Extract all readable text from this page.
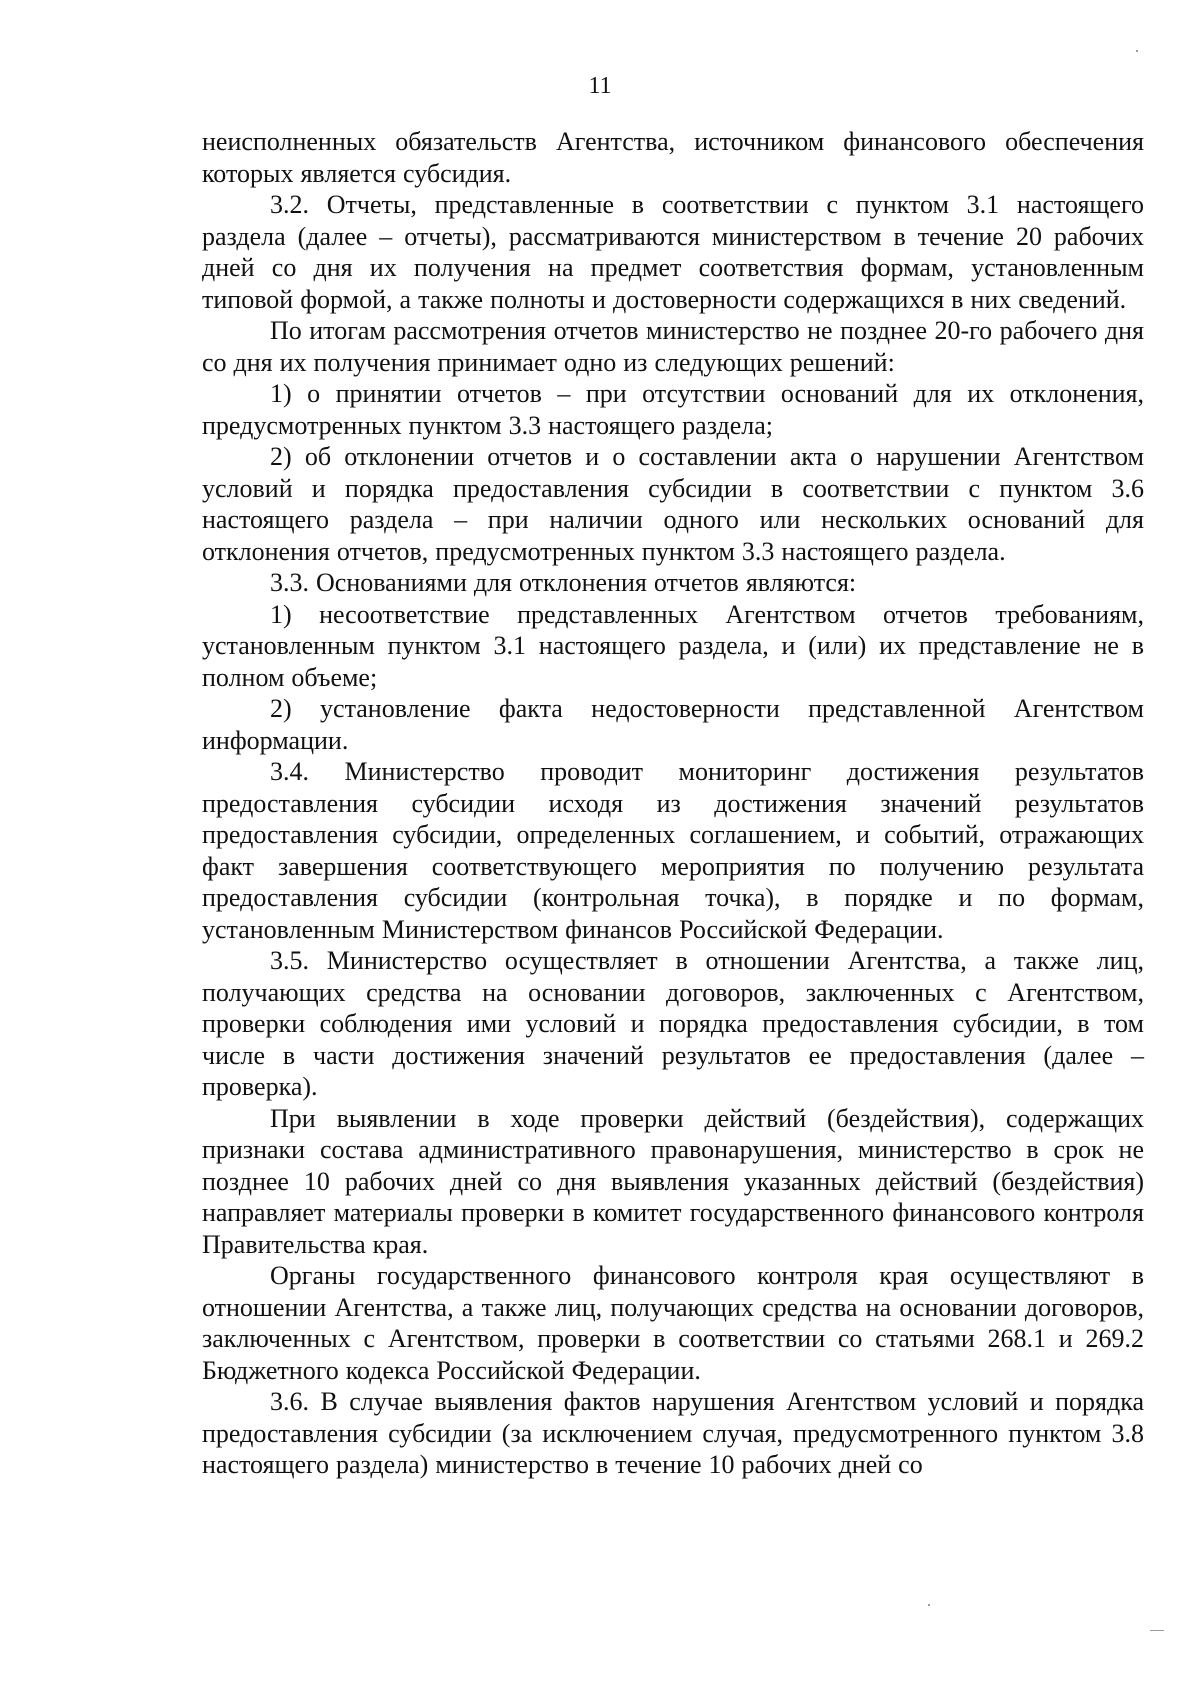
11

неисполненных обязательств Агентства, источником финансового обеспечения которых является субсидия.

3.2. Отчеты, представленные в соответствии с пунктом 3.1 настоящего раздела (далее – отчеты), рассматриваются министерством в течение 20 рабочих дней со дня их получения на предмет соответствия формам, установленным типовой формой, а также полноты и достоверности содержащихся в них сведений.

По итогам рассмотрения отчетов министерство не позднее 20-го рабочего дня со дня их получения принимает одно из следующих решений:

1) о принятии отчетов – при отсутствии оснований для их отклонения, предусмотренных пунктом 3.3 настоящего раздела;

2) об отклонении отчетов и о составлении акта о нарушении Агентством условий и порядка предоставления субсидии в соответствии с пунктом 3.6 настоящего раздела – при наличии одного или нескольких оснований для отклонения отчетов, предусмотренных пунктом 3.3 настоящего раздела.

3.3. Основаниями для отклонения отчетов являются:

1) несоответствие представленных Агентством отчетов требованиям, установленным пунктом 3.1 настоящего раздела, и (или) их представление не в полном объеме;

2) установление факта недостоверности представленной Агентством информации.

3.4. Министерство проводит мониторинг достижения результатов предоставления субсидии исходя из достижения значений результатов предоставления субсидии, определенных соглашением, и событий, отражающих факт завершения соответствующего мероприятия по получению результата предоставления субсидии (контрольная точка), в порядке и по формам, установленным Министерством финансов Российской Федерации.

3.5. Министерство осуществляет в отношении Агентства, а также лиц, получающих средства на основании договоров, заключенных с Агентством, проверки соблюдения ими условий и порядка предоставления субсидии, в том числе в части достижения значений результатов ее предоставления (далее – проверка).

При выявлении в ходе проверки действий (бездействия), содержащих признаки состава административного правонарушения, министерство в срок не позднее 10 рабочих дней со дня выявления указанных действий (бездействия) направляет материалы проверки в комитет государственного финансового контроля Правительства края.

Органы государственного финансового контроля края осуществляют в отношении Агентства, а также лиц, получающих средства на основании договоров, заключенных с Агентством, проверки в соответствии со статьями 268.1 и 269.2 Бюджетного кодекса Российской Федерации.

3.6. В случае выявления фактов нарушения Агентством условий и порядка предоставления субсидии (за исключением случая, предусмотренного пунктом 3.8 настоящего раздела) министерство в течение 10 рабочих дней со
